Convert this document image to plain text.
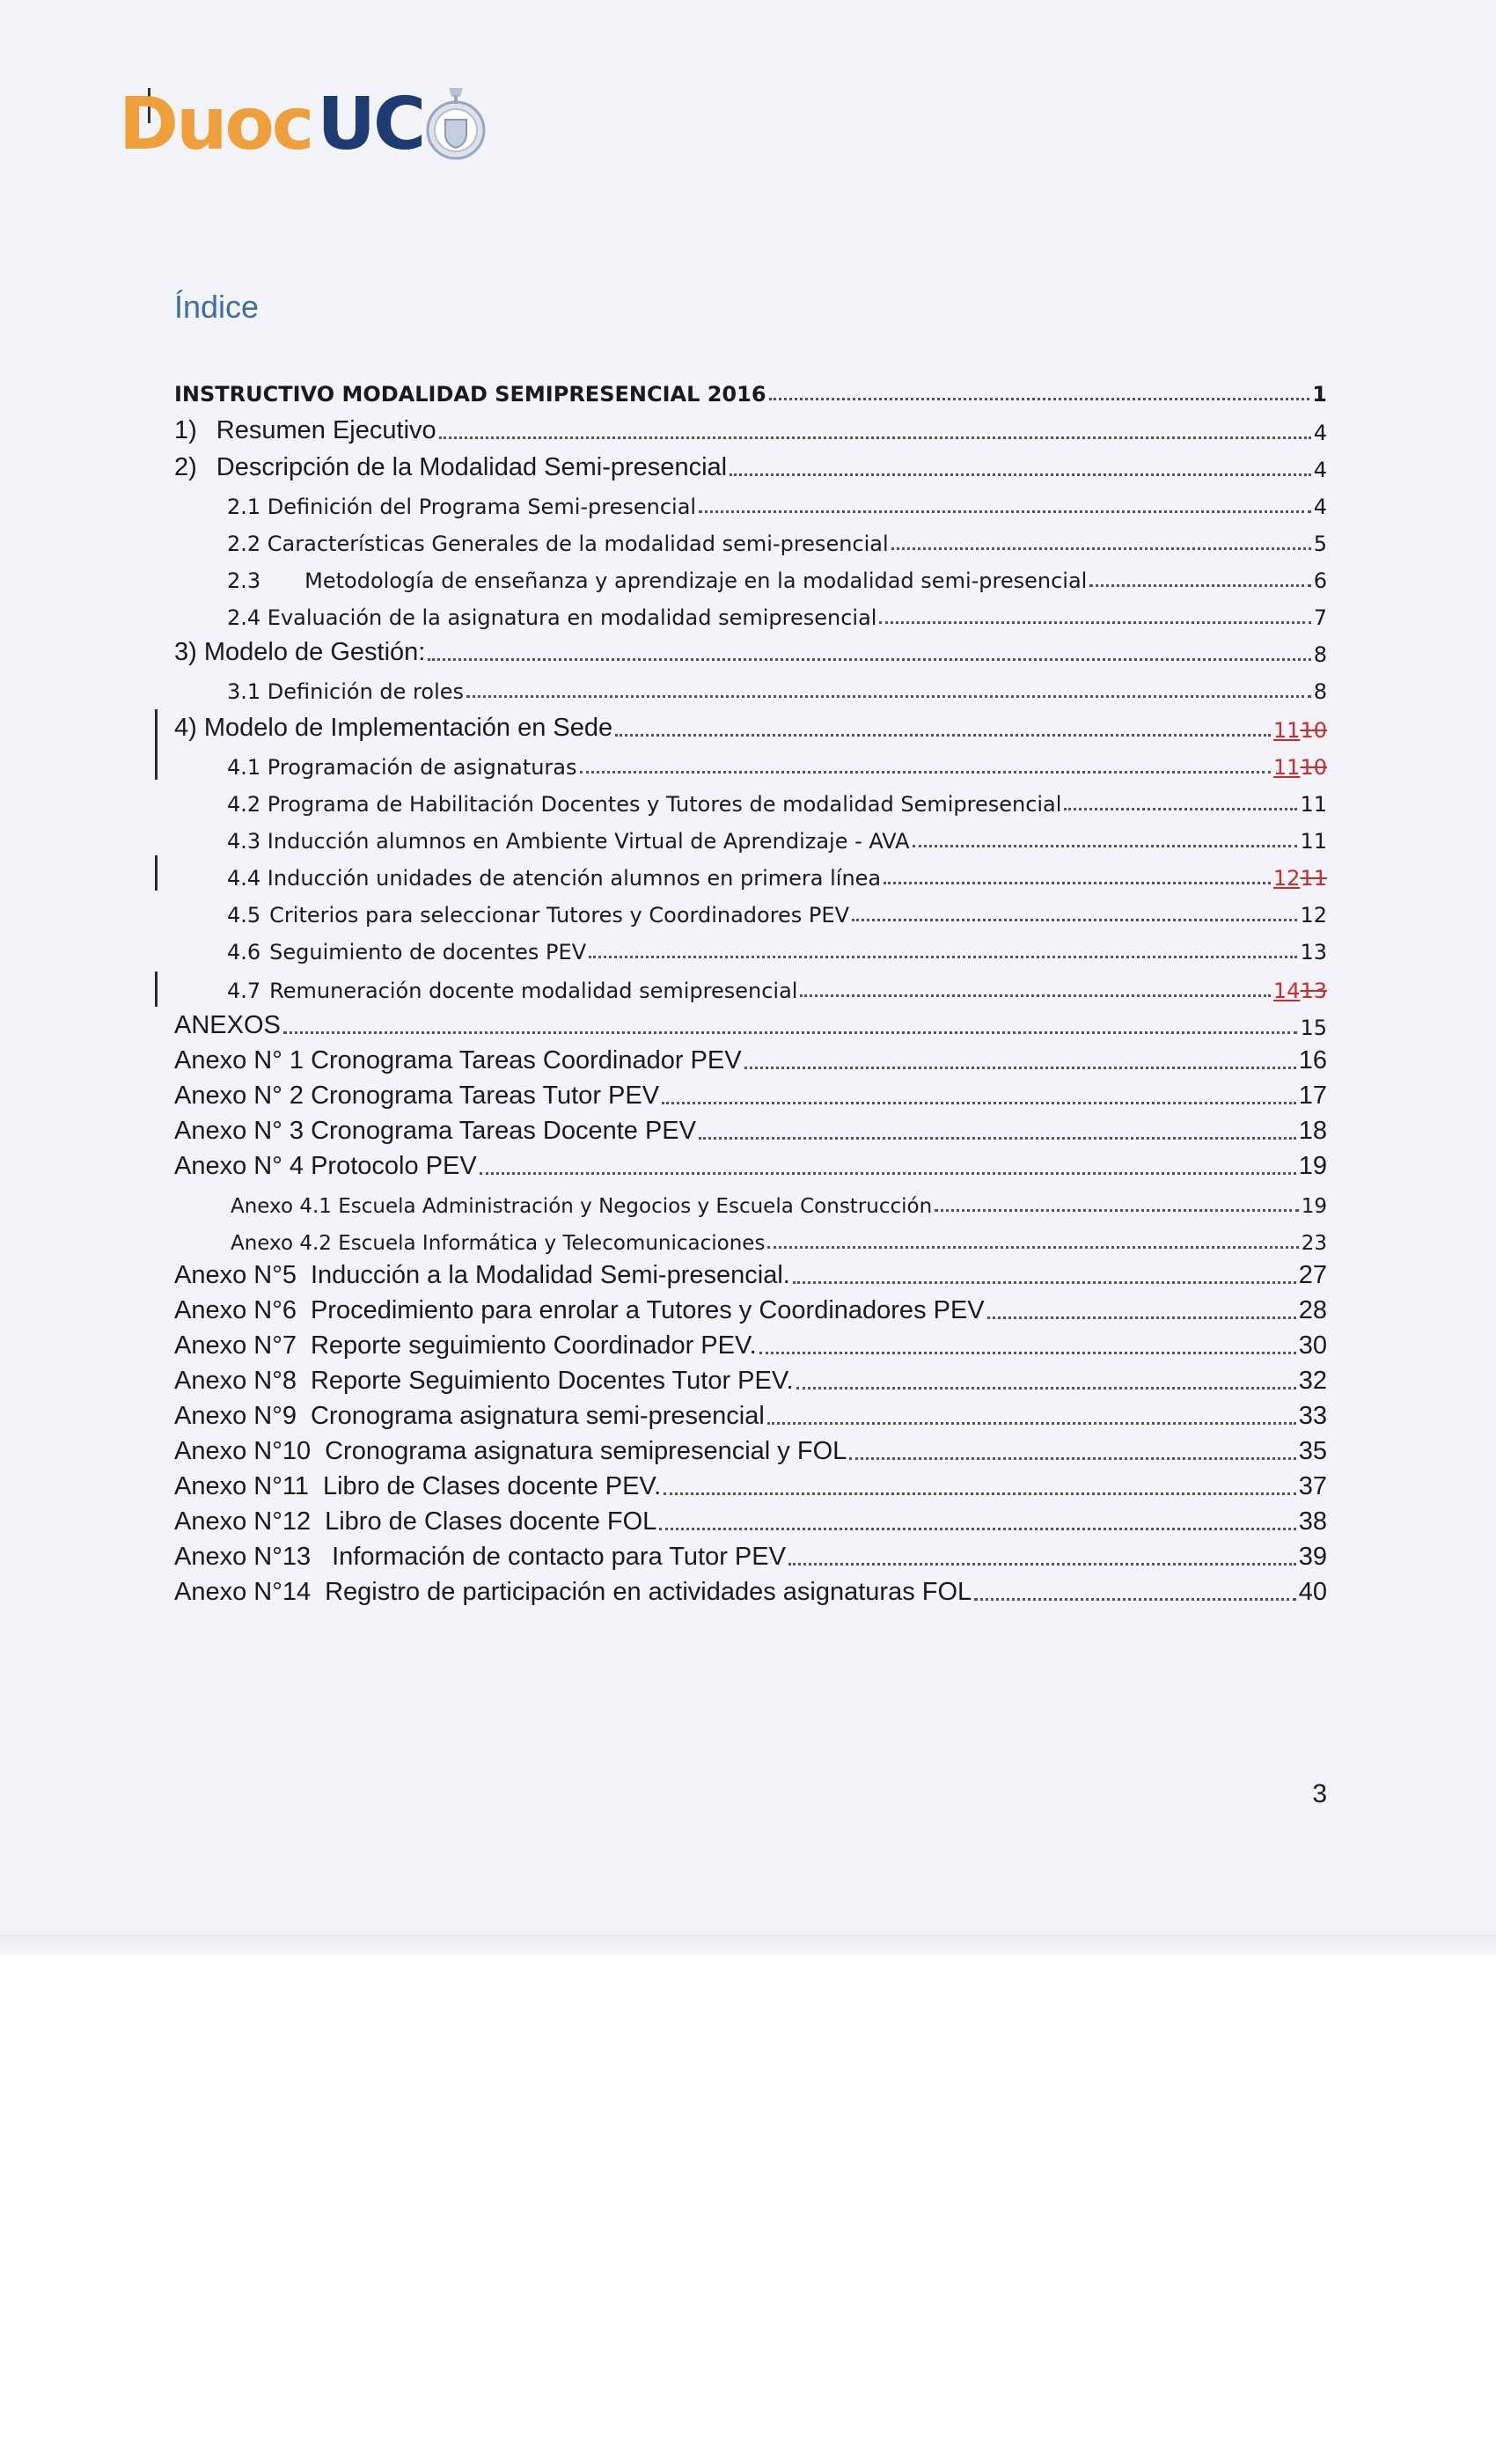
Duoc UC
Índice
INSTRUCTIVO MODALIDAD SEMIPRESENCIAL 2016	1
1) Resumen Ejecutivo	4
2) Descripción de la Modalidad Semi-presencial	4
2.1 Definición del Programa Semi-presencial	4
2.2 Características Generales de la modalidad semi-presencial	5
2.3 Metodología de enseñanza y aprendizaje en la modalidad semi-presencial	6
2.4 Evaluación de la asignatura en modalidad semipresencial	7
3) Modelo de Gestión:	8
3.1 Definición de roles	8
4) Modelo de Implementación en Sede	1110
4.1 Programación de asignaturas	1110
4.2 Programa de Habilitación Docentes y Tutores de modalidad Semipresencial	11
4.3 Inducción alumnos en Ambiente Virtual de Aprendizaje - AVA	11
4.4 Inducción unidades de atención alumnos en primera línea	1211
4.5 Criterios para seleccionar Tutores y Coordinadores PEV	12
4.6 Seguimiento de docentes PEV	13
4.7 Remuneración docente modalidad semipresencial	1413
ANEXOS	15
Anexo N° 1 Cronograma Tareas Coordinador PEV	16
Anexo N° 2 Cronograma Tareas Tutor PEV	17
Anexo N° 3 Cronograma Tareas Docente PEV	18
Anexo N° 4 Protocolo PEV	19
Anexo 4.1 Escuela Administración y Negocios y Escuela Construcción	19
Anexo 4.2 Escuela Informática y Telecomunicaciones	23
Anexo N°5 Inducción a la Modalidad Semi-presencial.	27
Anexo N°6 Procedimiento para enrolar a Tutores y Coordinadores PEV	28
Anexo N°7 Reporte seguimiento Coordinador PEV.	30
Anexo N°8 Reporte Seguimiento Docentes Tutor PEV.	32
Anexo N°9 Cronograma asignatura semi-presencial	33
Anexo N°10 Cronograma asignatura semipresencial y FOL	35
Anexo N°11 Libro de Clases docente PEV.	37
Anexo N°12 Libro de Clases docente FOL	38
Anexo N°13 Información de contacto para Tutor PEV	39
Anexo N°14 Registro de participación en actividades asignaturas FOL	40
3
